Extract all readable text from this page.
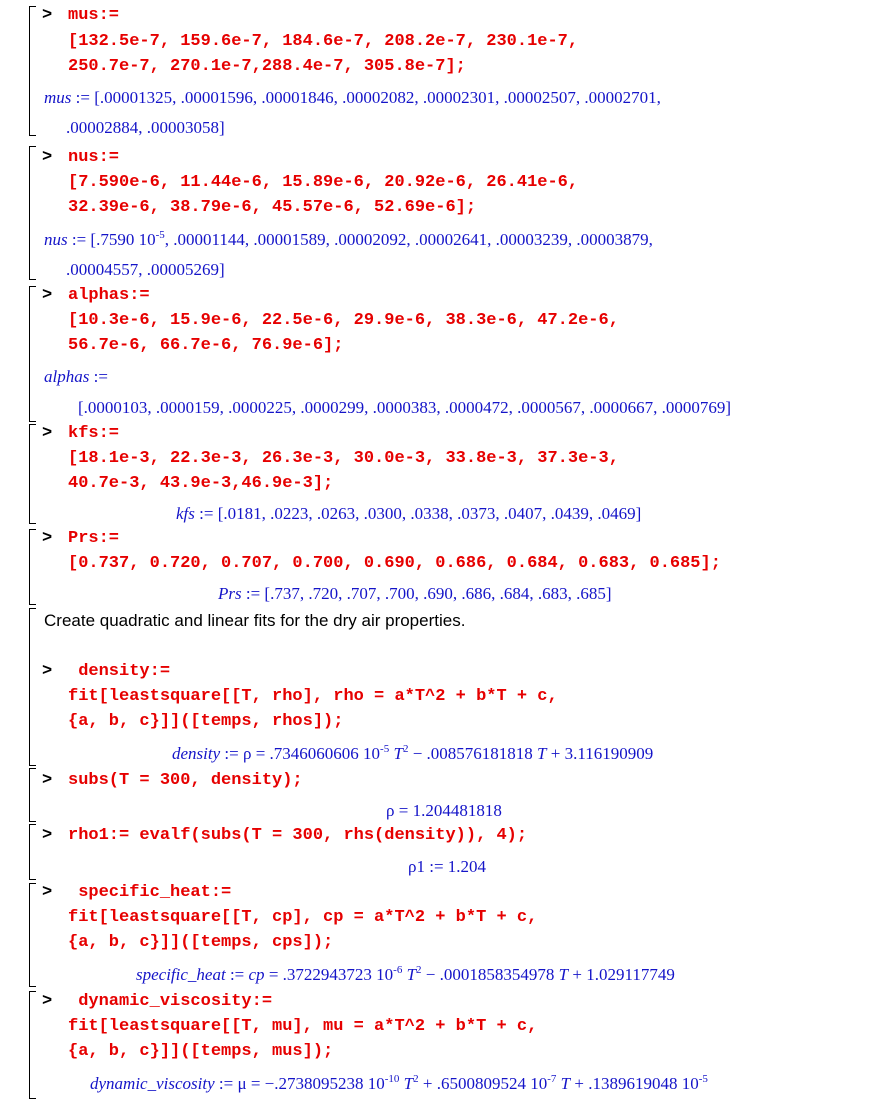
> mus:=
[132.5e-7, 159.6e-7, 184.6e-7, 208.2e-7, 230.1e-7,
250.7e-7, 270.1e-7,288.4e-7, 305.8e-7];
mus := [.00001325, .00001596, .00001846, .00002082, .00002301, .00002507, .00002701,
.00002884, .00003058]
> nus:=
[7.590e-6, 11.44e-6, 15.89e-6, 20.92e-6, 26.41e-6,
32.39e-6, 38.79e-6, 45.57e-6, 52.69e-6];
nus := [.7590 $10^{-5}$, .00001144, .00001589, .00002092, .00002641, .00003239, .00003879,
.00004557, .00005269]
> alphas:=
[10.3e-6, 15.9e-6, 22.5e-6, 29.9e-6, 38.3e-6, 47.2e-6,
56.7e-6, 66.7e-6, 76.9e-6];
alphas :=
[.0000103, .0000159, .0000225, .0000299, .0000383, .0000472, .0000567, .0000667, .0000769]
> kfs:=
[18.1e-3, 22.3e-3, 26.3e-3, 30.0e-3, 33.8e-3, 37.3e-3,
40.7e-3, 43.9e-3,46.9e-3];
kfs := [.0181, .0223, .0263, .0300, .0338, .0373, .0407, .0439, .0469]
> Prs:=
[0.737, 0.720, 0.707, 0.700, 0.690, 0.686, 0.684, 0.683, 0.685];
Prs := [.737, .720, .707, .700, .690, .686, .684, .683, .685]
Create quadratic and linear fits for the dry air properties.
> density:=
fit[leastsquare[[T, rho], rho = a*T^2 + b*T + c,
{a, b, c}]]([temps, rhos]);
density := ρ = .7346060606 $10^{-5}$ $T^2 - .008576181818$ T + 3.116190909
> subs(T = 300, density);
ρ = 1.204481818
> rho1:= evalf(subs(T = 300, rhs(density)), 4);
ρ1 := 1.204
> specific_heat:=
fit[leastsquare[[T, cp], cp = a*T^2 + b*T + c,
{a, b, c}]]([temps, cps]);
specific_heat := cp = .3722943723 $10^{-6}$ $T^2 - .0001858354978$ T + 1.029117749
> dynamic_viscosity:=
fit[leastsquare[[T, mu], mu = a*T^2 + b*T + c,
{a, b, c}]]([temps, mus]);
dynamic_viscosity := μ = −.2738095238 $10^{-10}$ $T^2 + .6500809524$ $10^{-7}$ T + .1389619048 $10^{-5}$
